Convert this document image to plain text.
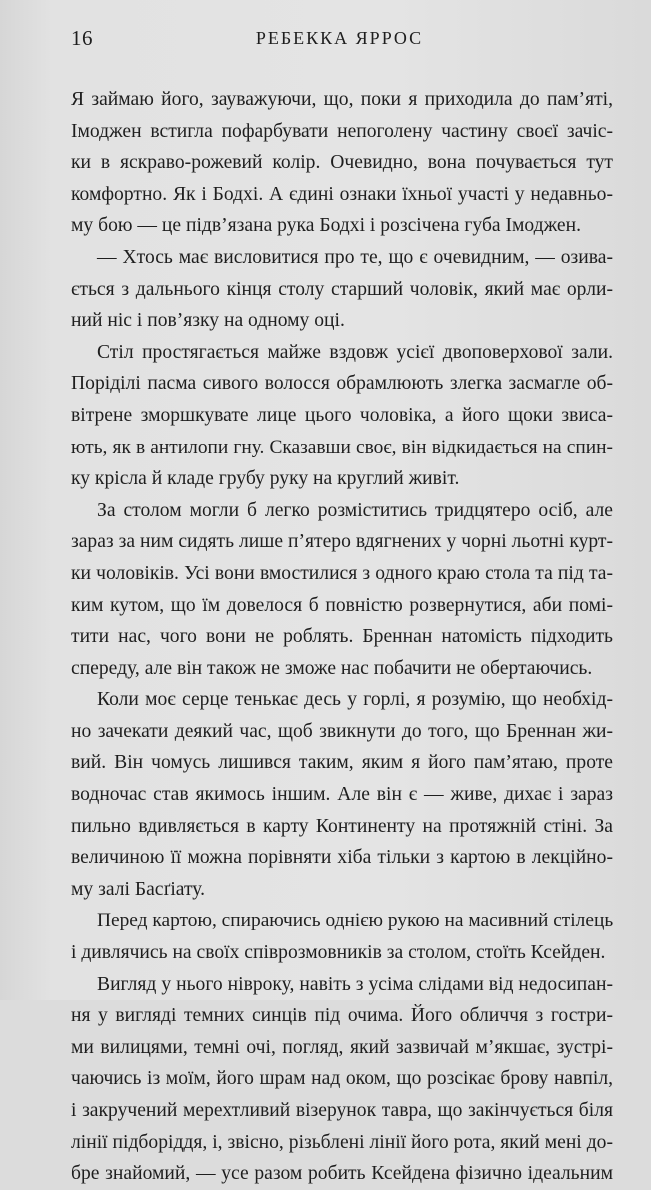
16	РЕБЕККА ЯРРОС
Я займаю його, зауважуючи, що, поки я приходила до пам’яті,
Імоджен встигла пофарбувати непоголену частину своєї зачіс-
ки в яскраво-рожевий колір. Очевидно, вона почувається тут
комфортно. Як і Бодхі. А єдині ознаки їхньої участі у недавньо-
му бою — це підв’язана рука Бодхі і розсічена губа Імоджен.
— Хтось має висловитися про те, що є очевидним, — озива-
ється з дальнього кінця столу старший чоловік, який має орли-
ний ніс і пов’язку на одному оці.
Стіл простягається майже вздовж усієї двоповерхової зали.
Поріділі пасма сивого волосся обрамлюють злегка засмагле об-
вітрене зморшкувате лице цього чоловіка, а його щоки звиса-
ють, як в антилопи гну. Сказавши своє, він відкидається на спин-
ку крісла й кладе грубу руку на круглий живіт.
За столом могли б легко розміститись тридцятеро осіб, але
зараз за ним сидять лише п’ятеро вдягнених у чорні льотні курт-
ки чоловіків. Усі вони вмостилися з одного краю стола та під та-
ким кутом, що їм довелося б повністю розвернутися, аби помі-
тити нас, чого вони не роблять. Бреннан натомість підходить
спереду, але він також не зможе нас побачити не обертаючись.
Коли моє серце тенькає десь у горлі, я розумію, що необхід-
но зачекати деякий час, щоб звикнути до того, що Бреннан жи-
вий. Він чомусь лишився таким, яким я його пам’ятаю, проте
водночас став якимось іншим. Але він є — живе, дихає і зараз
пильно вдивляється в карту Континенту на протяжній стіні. За
величиною її можна порівняти хіба тільки з картою в лекційно-
му залі Басґіату.
Перед картою, спираючись однією рукою на масивний стілець
і дивлячись на своїх співрозмовників за столом, стоїть Ксейден.
Вигляд у нього нівроку, навіть з усіма слідами від недосипан-
ня у вигляді темних синців під очима. Його обличчя з гостри-
ми вилицями, темні очі, погляд, який зазвичай м’якшає, зустрі-
чаючись із моїм, його шрам над оком, що розсікає брову навпіл,
і закручений мерехтливий візерунок тавра, що закінчується біля
лінії підборіддя, і, звісно, різьблені лінії його рота, який мені до-
бре знайомий, — усе разом робить Ксейдена фізично ідеальним
